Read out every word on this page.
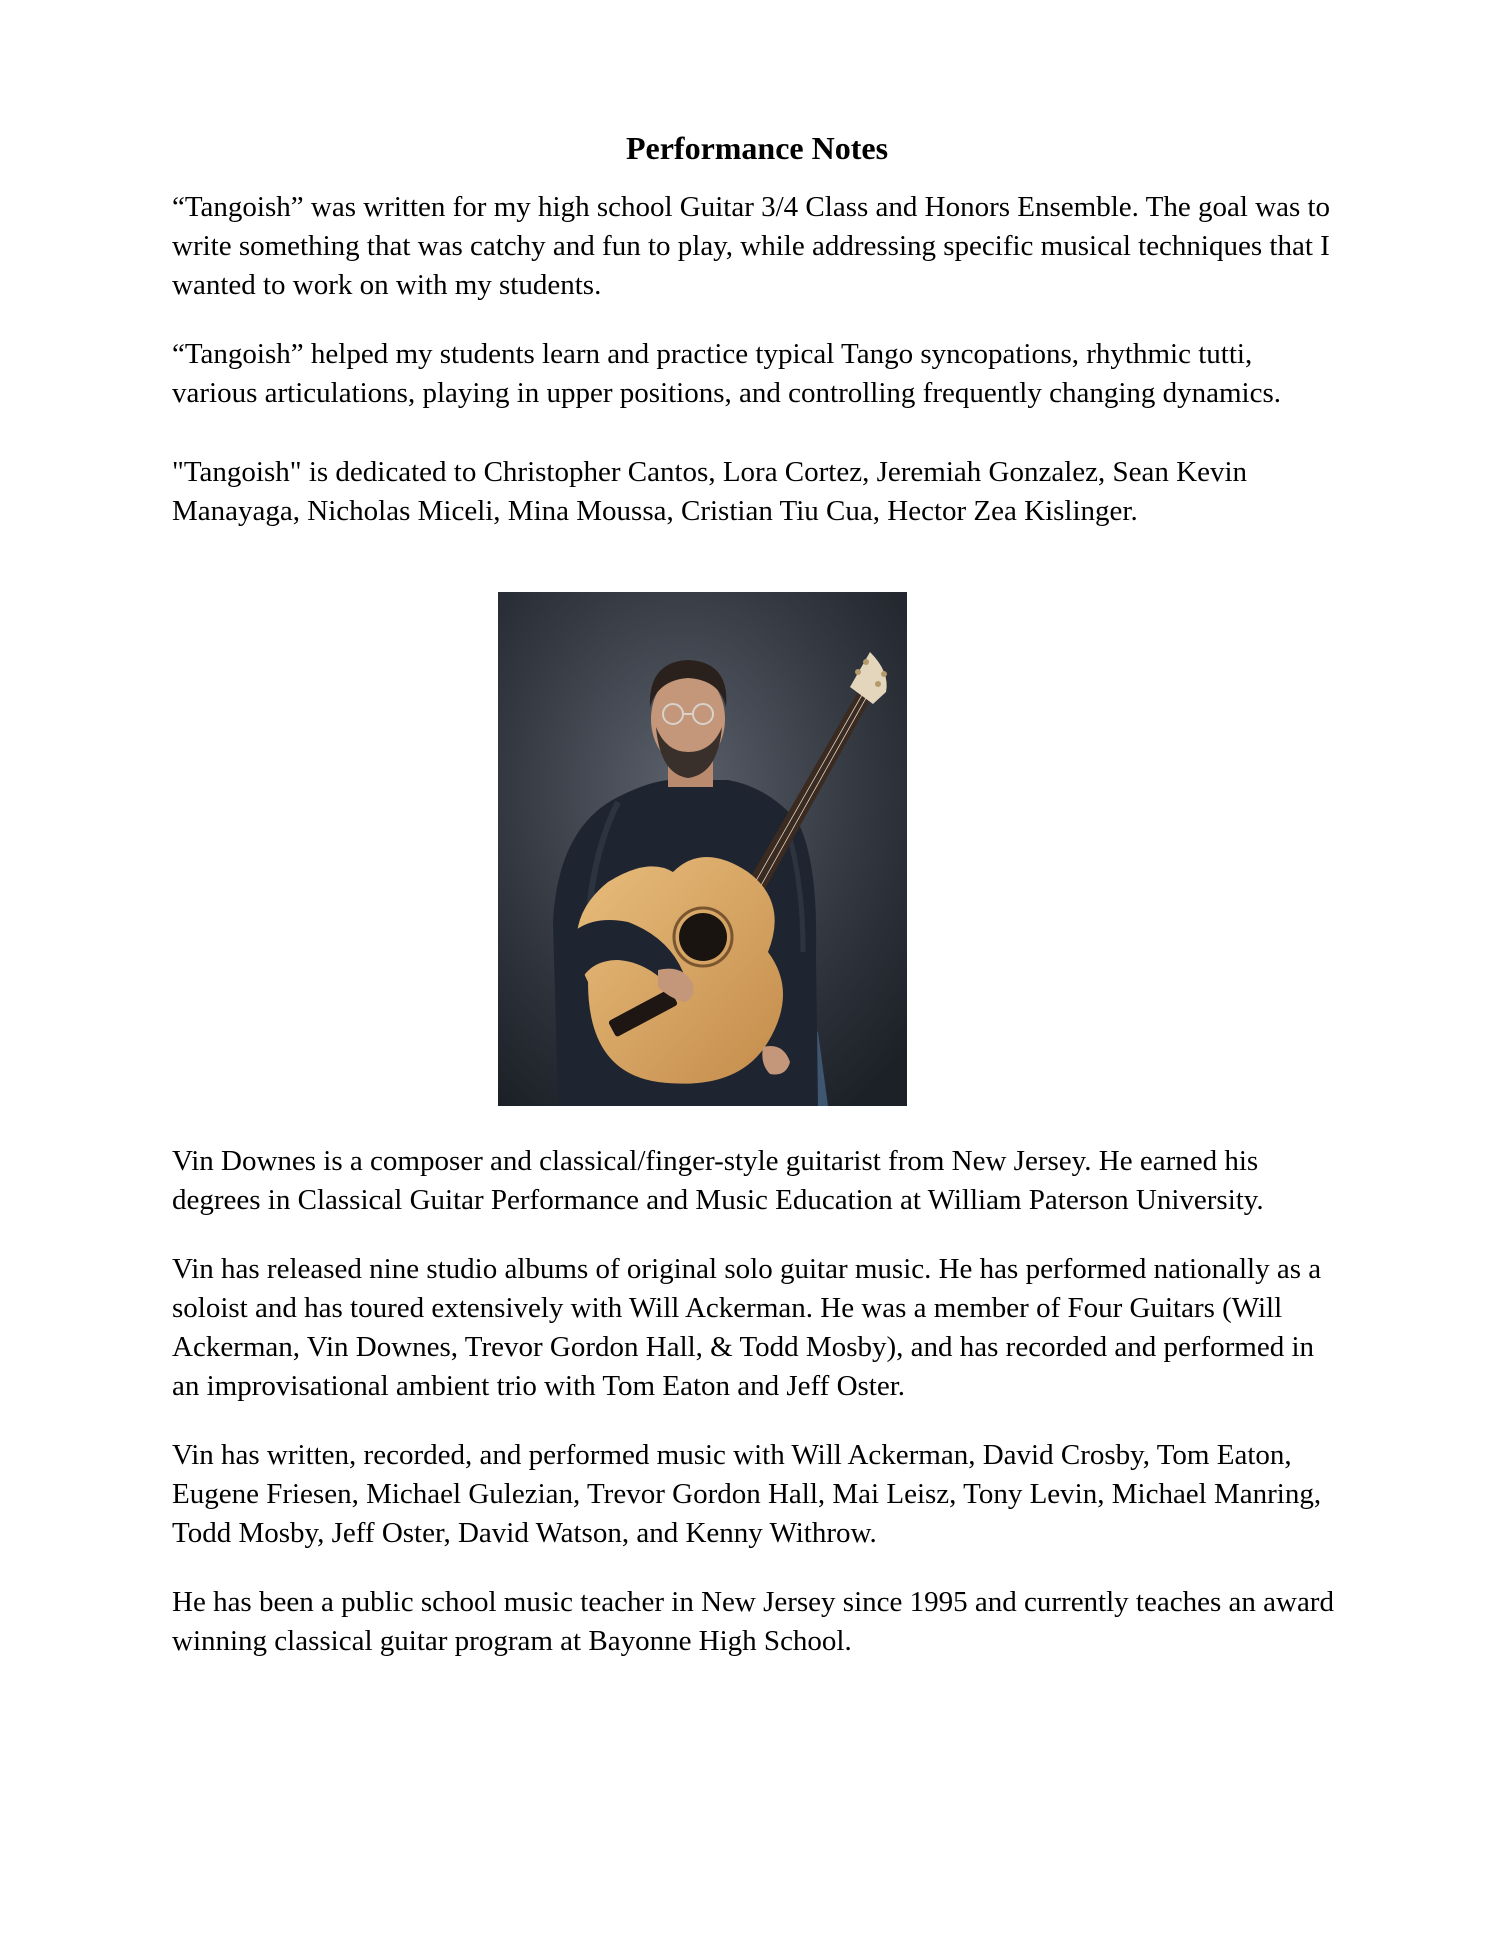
Performance Notes

“Tangoish” was written for my high school Guitar 3/4 Class and Honors Ensemble. The goal was to write something that was catchy and fun to play, while addressing specific musical techniques that I wanted to work on with my students.

“Tangoish” helped my students learn and practice typical Tango syncopations, rhythmic tutti, various articulations, playing in upper positions, and controlling frequently changing dynamics.

"Tangoish" is dedicated to Christopher Cantos, Lora Cortez, Jeremiah Gonzalez, Sean Kevin Manayaga, Nicholas Miceli, Mina Moussa, Cristian Tiu Cua, Hector Zea Kislinger.

Vin Downes is a composer and classical/finger-style guitarist from New Jersey. He earned his degrees in Classical Guitar Performance and Music Education at William Paterson University.

Vin has released nine studio albums of original solo guitar music. He has performed nationally as a soloist and has toured extensively with Will Ackerman. He was a member of Four Guitars (Will Ackerman, Vin Downes, Trevor Gordon Hall, & Todd Mosby), and has recorded and performed in an improvisational ambient trio with Tom Eaton and Jeff Oster.

Vin has written, recorded, and performed music with Will Ackerman, David Crosby, Tom Eaton, Eugene Friesen, Michael Gulezian, Trevor Gordon Hall, Mai Leisz, Tony Levin, Michael Manring, Todd Mosby, Jeff Oster, David Watson, and Kenny Withrow.

He has been a public school music teacher in New Jersey since 1995 and currently teaches an award winning classical guitar program at Bayonne High School.
